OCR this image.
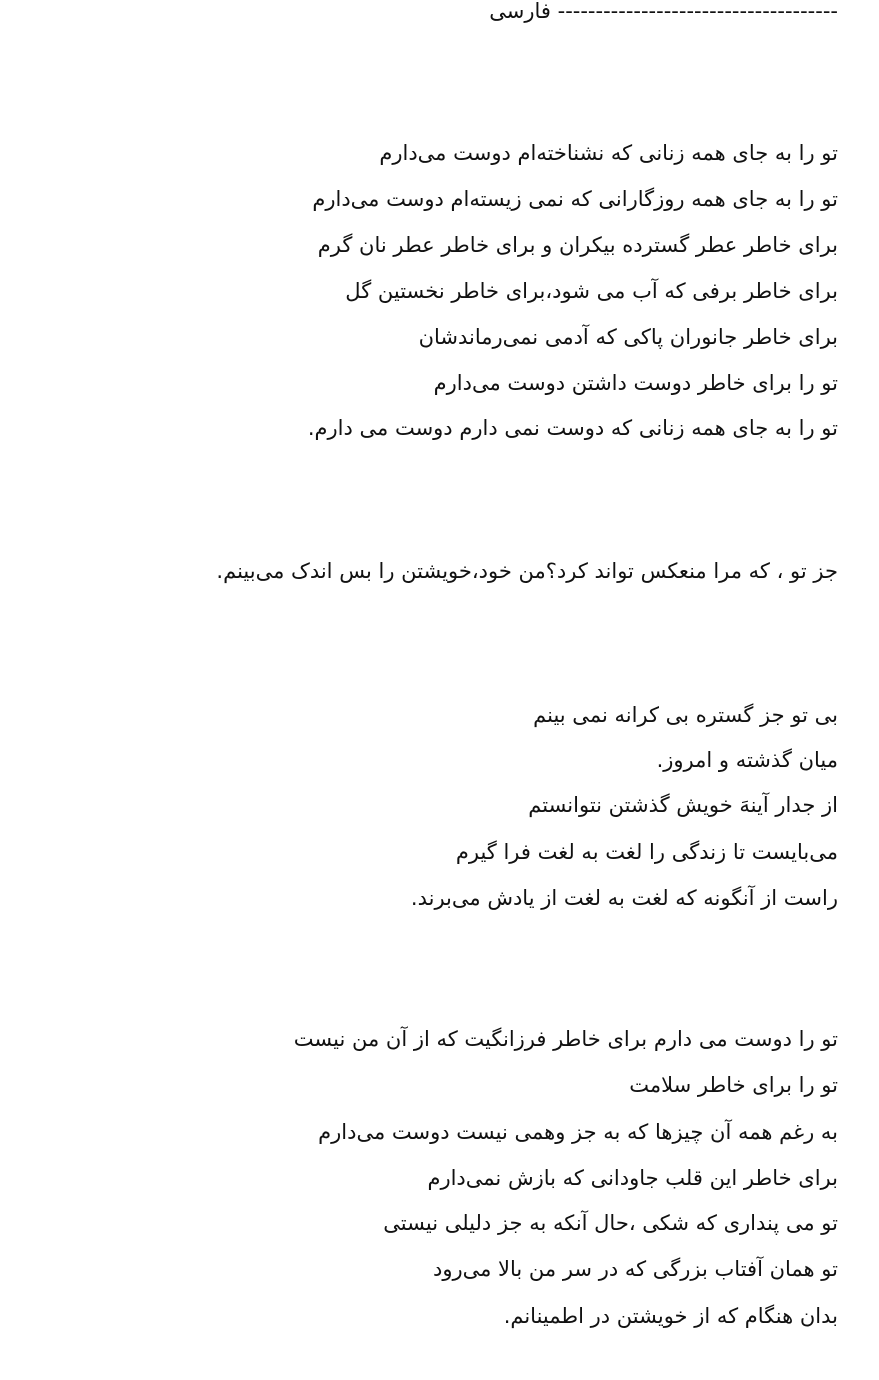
فارسی -------------------------------------
تو را به جای همه زنانی که نشناخته‌ام دوست می‌دارم
تو را به جای همه روزگارانی که نمی زیسته‌ام دوست می‌دارم
برای خاطر عطر گسترده بیکران و برای خاطر عطر نان گرم
برای خاطر برفی که آب می شود،برای خاطر نخستین گل
برای خاطر جانوران پاکی که آدمی نمی‌رماندشان
تو را برای خاطر دوست داشتن دوست می‌دارم
تو را به جای همه زنانی که دوست نمی دارم دوست می دارم.
جز تو ، که مرا منعکس تواند کرد؟من خود،خویشتن را بس اندک می‌بینم.
بی تو جز گستره بی کرانه نمی بینم
میان گذشته و امروز.
از جدار آینهَ خویش گذشتن نتوانستم
می‌بایست تا زندگی را لغت به لغت فرا گیرم
راست از آنگونه که لغت به لغت از یادش می‌برند.
تو را دوست می دارم برای خاطر فرزانگیت که از آن من نیست
تو را برای خاطر سلامت
به رغم همه آن چیزها که به جز وهمی نیست دوست می‌دارم
برای خاطر این قلب جاودانی که بازش نمی‌دارم
تو می پنداری که شکی ،حال آنکه به جز دلیلی نیستی
تو همان آفتاب بزرگی که در سر من بالا می‌رود
بدان هنگام که از خویشتن در اطمینانم.
